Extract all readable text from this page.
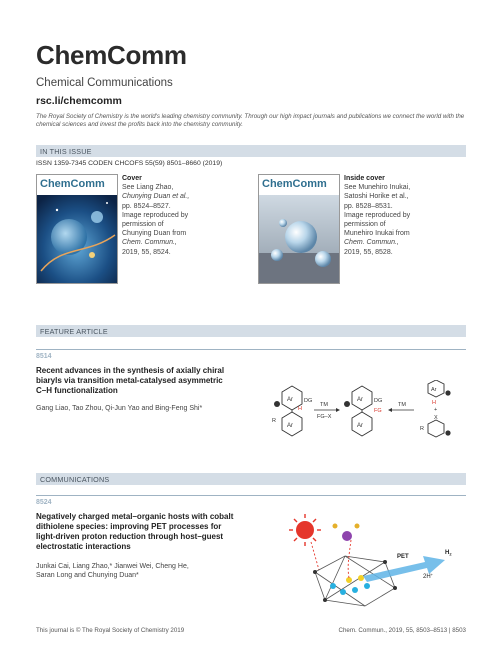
ChemComm
Chemical Communications
rsc.li/chemcomm
The Royal Society of Chemistry is the world's leading chemistry community. Through our high impact journals and publications we connect the world with the chemical sciences and invest the profits back into the chemistry community.
IN THIS ISSUE
ISSN 1359-7345 CODEN CHCOFS 55(59) 8501–8660 (2019)
ChemComm Cover
See Liang Zhao,
Chunying Duan et al.,
pp. 8524–8527.
Image reproduced by
permission of
Chunying Duan from
Chem. Commun.,
2019, 55, 8524.
ChemComm Inside cover
See Munehiro Inukai,
Satoshi Horike et al.,
pp. 8528–8531.
Image reproduced by
permission of
Munehiro Inukai from
Chem. Commun.,
2019, 55, 8528.
FEATURE ARTICLE
8514
Recent advances in the synthesis of axially chiral
biaryls via transition metal-catalysed asymmetric
C–H functionalization
Gang Liao, Tao Zhou, Qi-Jun Yao and Bing-Feng Shi*
Ar
Ar
DG
H
R
TM
FG–X
Ar
Ar
DG
FG
TM
Ar
H
+
X
R
COMMUNICATIONS
8524
Negatively charged metal–organic hosts with cobalt
dithiolene species: improving PET processes for
light-driven proton reduction through host–guest
electrostatic interactions
Junkai Cai, Liang Zhao,* Jianwei Wei, Cheng He,
Saran Long and Chunying Duan*
PET
$H_2$
2H+
This journal is © The Royal Society of Chemistry 2019	Chem. Commun., 2019, 55, 8503–8513 | 8503
